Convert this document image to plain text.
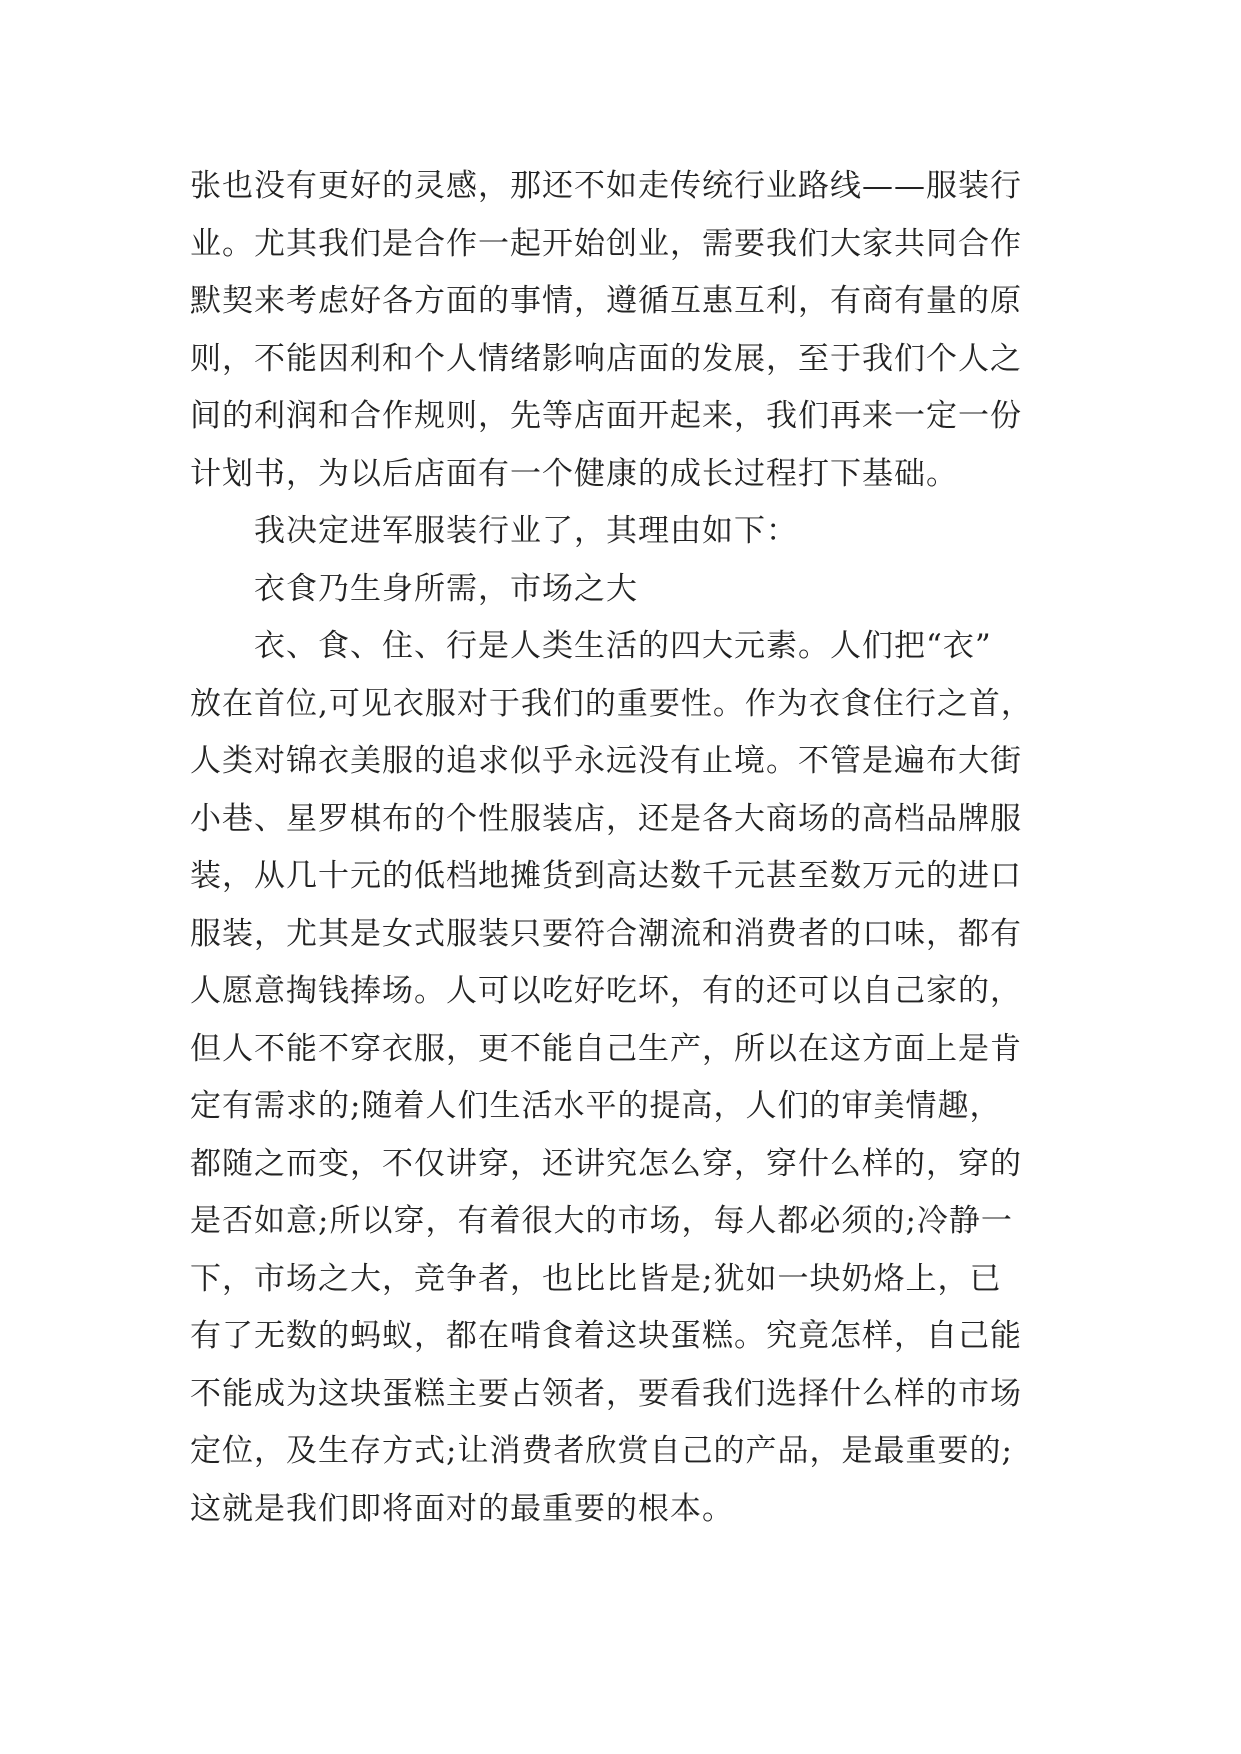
张也没有更好的灵感，那还不如走传统行业路线——服装行
业。尤其我们是合作一起开始创业，需要我们大家共同合作
默契来考虑好各方面的事情，遵循互惠互利，有商有量的原
则，不能因利和个人情绪影响店面的发展，至于我们个人之
间的利润和合作规则，先等店面开起来，我们再来一定一份
计划书，为以后店面有一个健康的成长过程打下基础。
我决定进军服装行业了，其理由如下：
衣食乃生身所需，市场之大
衣、食、住、行是人类生活的四大元素。人们把“衣”
放在首位,可见衣服对于我们的重要性。作为衣食住行之首，
人类对锦衣美服的追求似乎永远没有止境。不管是遍布大街
小巷、星罗棋布的个性服装店，还是各大商场的高档品牌服
装，从几十元的低档地摊货到高达数千元甚至数万元的进口
服装，尤其是女式服装只要符合潮流和消费者的口味，都有
人愿意掏钱捧场。人可以吃好吃坏，有的还可以自己家的，
但人不能不穿衣服，更不能自己生产，所以在这方面上是肯
定有需求的;随着人们生活水平的提高，人们的审美情趣，
都随之而变，不仅讲穿，还讲究怎么穿，穿什么样的，穿的
是否如意;所以穿，有着很大的市场，每人都必须的;冷静一
下，市场之大，竞争者，也比比皆是;犹如一块奶烙上，已
有了无数的蚂蚁，都在啃食着这块蛋糕。究竟怎样，自己能
不能成为这块蛋糕主要占领者，要看我们选择什么样的市场
定位，及生存方式;让消费者欣赏自己的产品，是最重要的;
这就是我们即将面对的最重要的根本。
